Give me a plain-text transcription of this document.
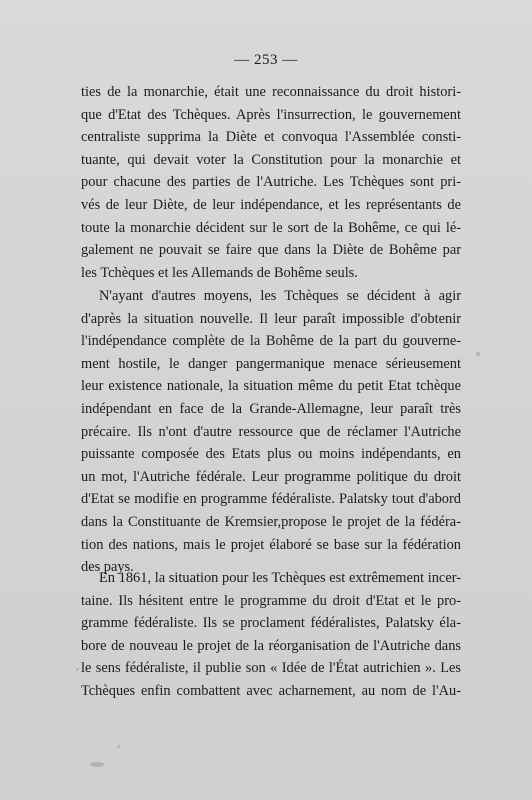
— 253 —
ties de la monarchie, était une reconnaissance du droit histori-
que d'Etat des Tchèques. Après l'insurrection, le gouvernement
centraliste supprima la Diète et convoqua l'Assemblée consti-
tuante, qui devait voter la Constitution pour la monarchie et
pour chacune des parties de l'Autriche. Les Tchèques sont pri-
vés de leur Diète, de leur indépendance, et les représentants de
toute la monarchie décident sur le sort de la Bohême, ce qui lé-
galement ne pouvait se faire que dans la Diète de Bohême par
les Tchèques et les Allemands de Bohême seuls.
N'ayant d'autres moyens, les Tchèques se décident à agir
d'après la situation nouvelle. Il leur paraît impossible d'obtenir
l'indépendance complète de la Bohême de la part du gouverne-
ment hostile, le danger pangermanique menace sérieusement
leur existence nationale, la situation même du petit Etat tchèque
indépendant en face de la Grande-Allemagne, leur paraît très
précaire. Ils n'ont d'autre ressource que de réclamer l'Autriche
puissante composée des Etats plus ou moins indépendants, en
un mot, l'Autriche fédérale. Leur programme politique du droit
d'Etat se modifie en programme fédéraliste. Palatsky tout d'abord
dans la Constituante de Kremsier,propose le projet de la fédéra-
tion des nations, mais le projet élaboré se base sur la fédération
des pays.
En 1861, la situation pour les Tchèques est extrêmement incer-
taine. Ils hésitent entre le programme du droit d'Etat et le pro-
gramme fédéraliste. Ils se proclament fédéralistes, Palatsky éla-
bore de nouveau le projet de la réorganisation de l'Autriche dans
le sens fédéraliste, il publie son « Idée de l'État autrichien ». Les
Tchèques enfin combattent avec acharnement, au nom de l'Au-
